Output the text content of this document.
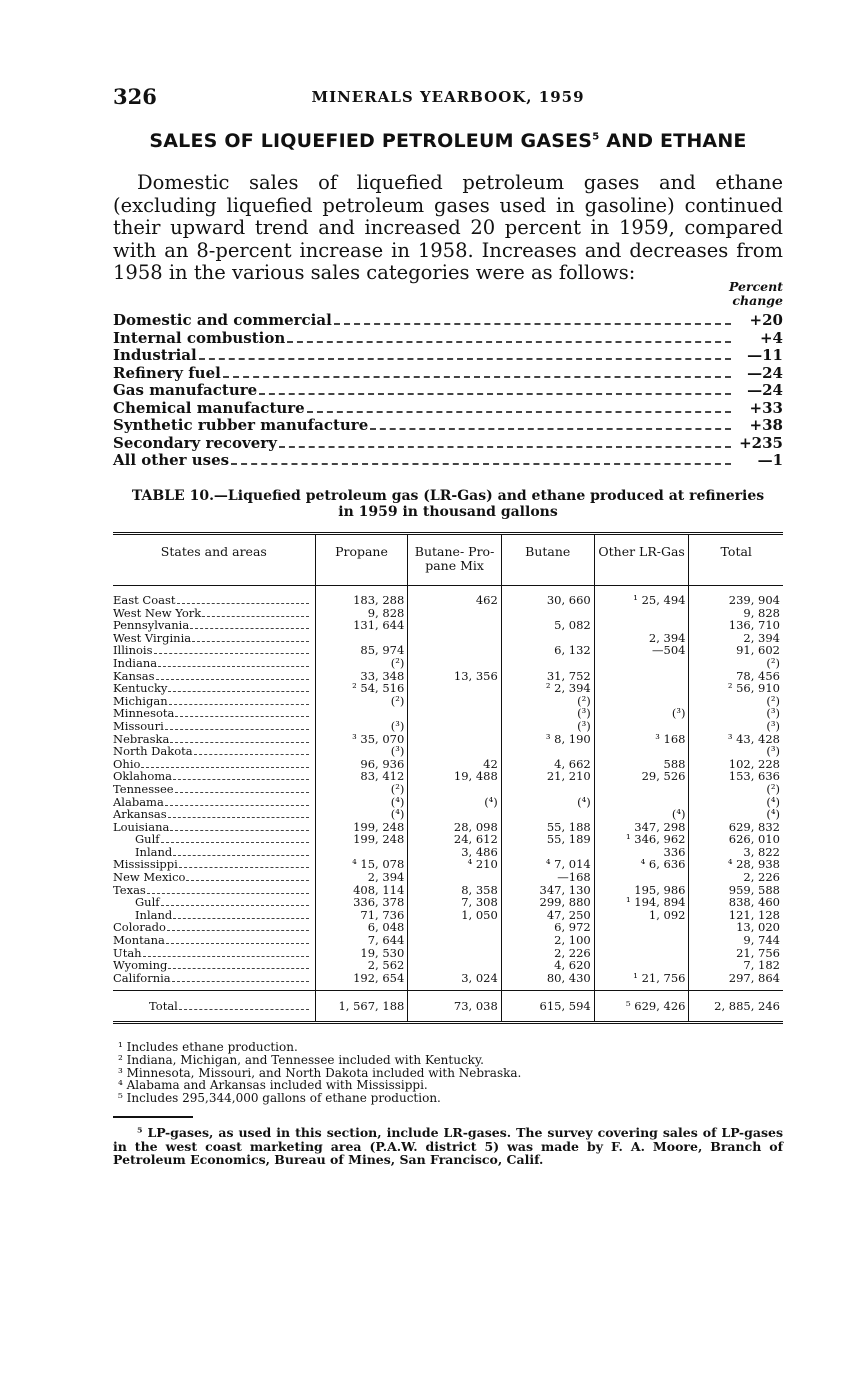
326	MINERALS YEARBOOK, 1959
SALES OF LIQUEFIED PETROLEUM GASES$^5$ AND ETHANE
Domestic sales of liquefied petroleum gases and ethane (excluding liquefied petroleum gases used in gasoline) continued their upward trend and increased 20 percent in 1959, compared with an 8-percent increase in 1958. Increases and decreases from 1958 in the various sales categories were as follows:
Percent
change
Domestic and commercial	+20
Internal combustion	+4
Industrial	—11
Refinery fuel	—24
Gas manufacture	—24
Chemical manufacture	+33
Synthetic rubber manufacture	+38
Secondary recovery	+235
All other uses	—1
TABLE 10.—Liquefied petroleum gas (LR-Gas) and ethane produced at refineries
in 1959 in thousand gallons
States and areas	Propane	Butane- Pro-pane Mix	Butane	Other LR-Gas	Total

East Coast	183, 288	462	30, 660	¹ 25, 494	239, 904

West New York	9, 828				9, 828

Pennsylvania	131, 644		5, 082		136, 710

West Virginia				2, 394	2, 394

Illinois	85, 974		6, 132	—504	91, 602

Indiana	(²)				(²)

Kansas	33, 348	13, 356	31, 752		78, 456

Kentucky	² 54, 516		² 2, 394		² 56, 910

Michigan	(²)		(²)		(²)

Minnesota			(³)	(³)	(³)

Missouri	(³)		(³)		(³)

Nebraska	³ 35, 070		³ 8, 190	³ 168	³ 43, 428

North Dakota	(³)				(³)

Ohio	96, 936	42	4, 662	588	102, 228

Oklahoma	83, 412	19, 488	21, 210	29, 526	153, 636

Tennessee	(²)				(²)

Alabama	(⁴)	(⁴)	(⁴)		(⁴)

Arkansas	(⁴)			(⁴)	(⁴)

Louisiana	199, 248	28, 098	55, 188	347, 298	629, 832

Gulf	199, 248	24, 612	55, 189	¹ 346, 962	626, 010

Inland		3, 486		336	3, 822

Mississippi	⁴ 15, 078	⁴ 210	⁴ 7, 014	⁴ 6, 636	⁴ 28, 938

New Mexico	2, 394		—168		2, 226

Texas	408, 114	8, 358	347, 130	195, 986	959, 588

Gulf	336, 378	7, 308	299, 880	¹ 194, 894	838, 460

Inland	71, 736	1, 050	47, 250	1, 092	121, 128

Colorado	6, 048		6, 972		13, 020

Montana	7, 644		2, 100		9, 744

Utah	19, 530		2, 226		21, 756

Wyoming	2, 562		4, 620		7, 182

California	192, 654	3, 024	80, 430	¹ 21, 756	297, 864

Total	1, 567, 188	73, 038	615, 594	⁵ 629, 426	2, 885, 246
¹ Includes ethane production.
² Indiana, Michigan, and Tennessee included with Kentucky.
³ Minnesota, Missouri, and North Dakota included with Nebraska.
⁴ Alabama and Arkansas included with Mississippi.
⁵ Includes 295,344,000 gallons of ethane production.
⁵ LP-gases, as used in this section, include LR-gases. The survey covering sales of LP-gases in the west coast marketing area (P.A.W. district 5) was made by F. A. Moore, Branch of Petroleum Economics, Bureau of Mines, San Francisco, Calif.
